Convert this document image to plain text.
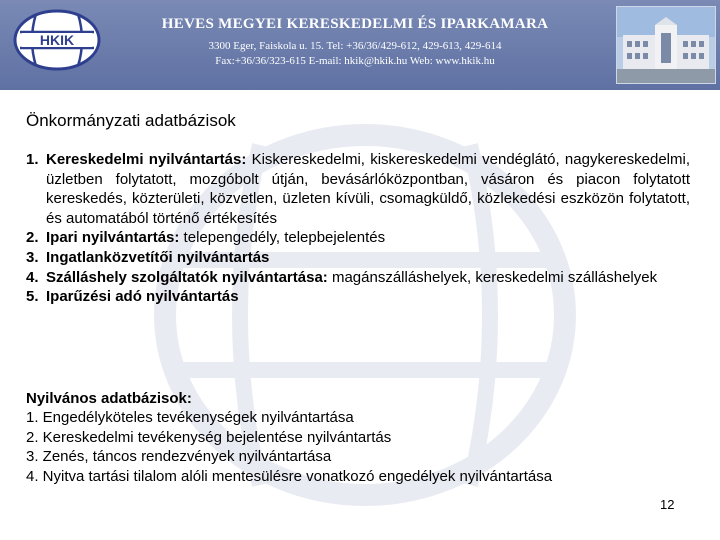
HKIK
HEVES MEGYEI KERESKEDELMI ÉS IPARKAMARA
3300 Eger, Faiskola u. 15. Tel: +36/36/429-612, 429-613, 429-614
Fax:+36/36/323-615 E-mail: hkik@hkik.hu Web: www.hkik.hu
Önkormányzati adatbázisok
1. Kereskedelmi nyilvántartás: Kiskereskedelmi, kiskereskedelmi vendéglátó, nagykereskedelmi, üzletben folytatott, mozgóbolt útján, bevásárlóközpontban, vásáron és piacon folytatott kereskedés, közterületi, közvetlen, üzleten kívüli, csomagküldő, közlekedési eszközön folytatott, és automatából történő értékesítés
2. Ipari nyilvántartás: telepengedély, telepbejelentés
3. Ingatlanközvetítői nyilvántartás
4. Szálláshely szolgáltatók nyilvántartása: magánszálláshelyek, kereskedelmi szálláshelyek
5. Iparűzési adó nyilvántartás
Nyilvános adatbázisok:
1. Engedélyköteles tevékenységek nyilvántartása
2. Kereskedelmi tevékenység bejelentése nyilvántartás
3. Zenés, táncos rendezvények nyilvántartása
4. Nyitva tartási tilalom alóli mentesülésre vonatkozó engedélyek nyilvántartása
12
